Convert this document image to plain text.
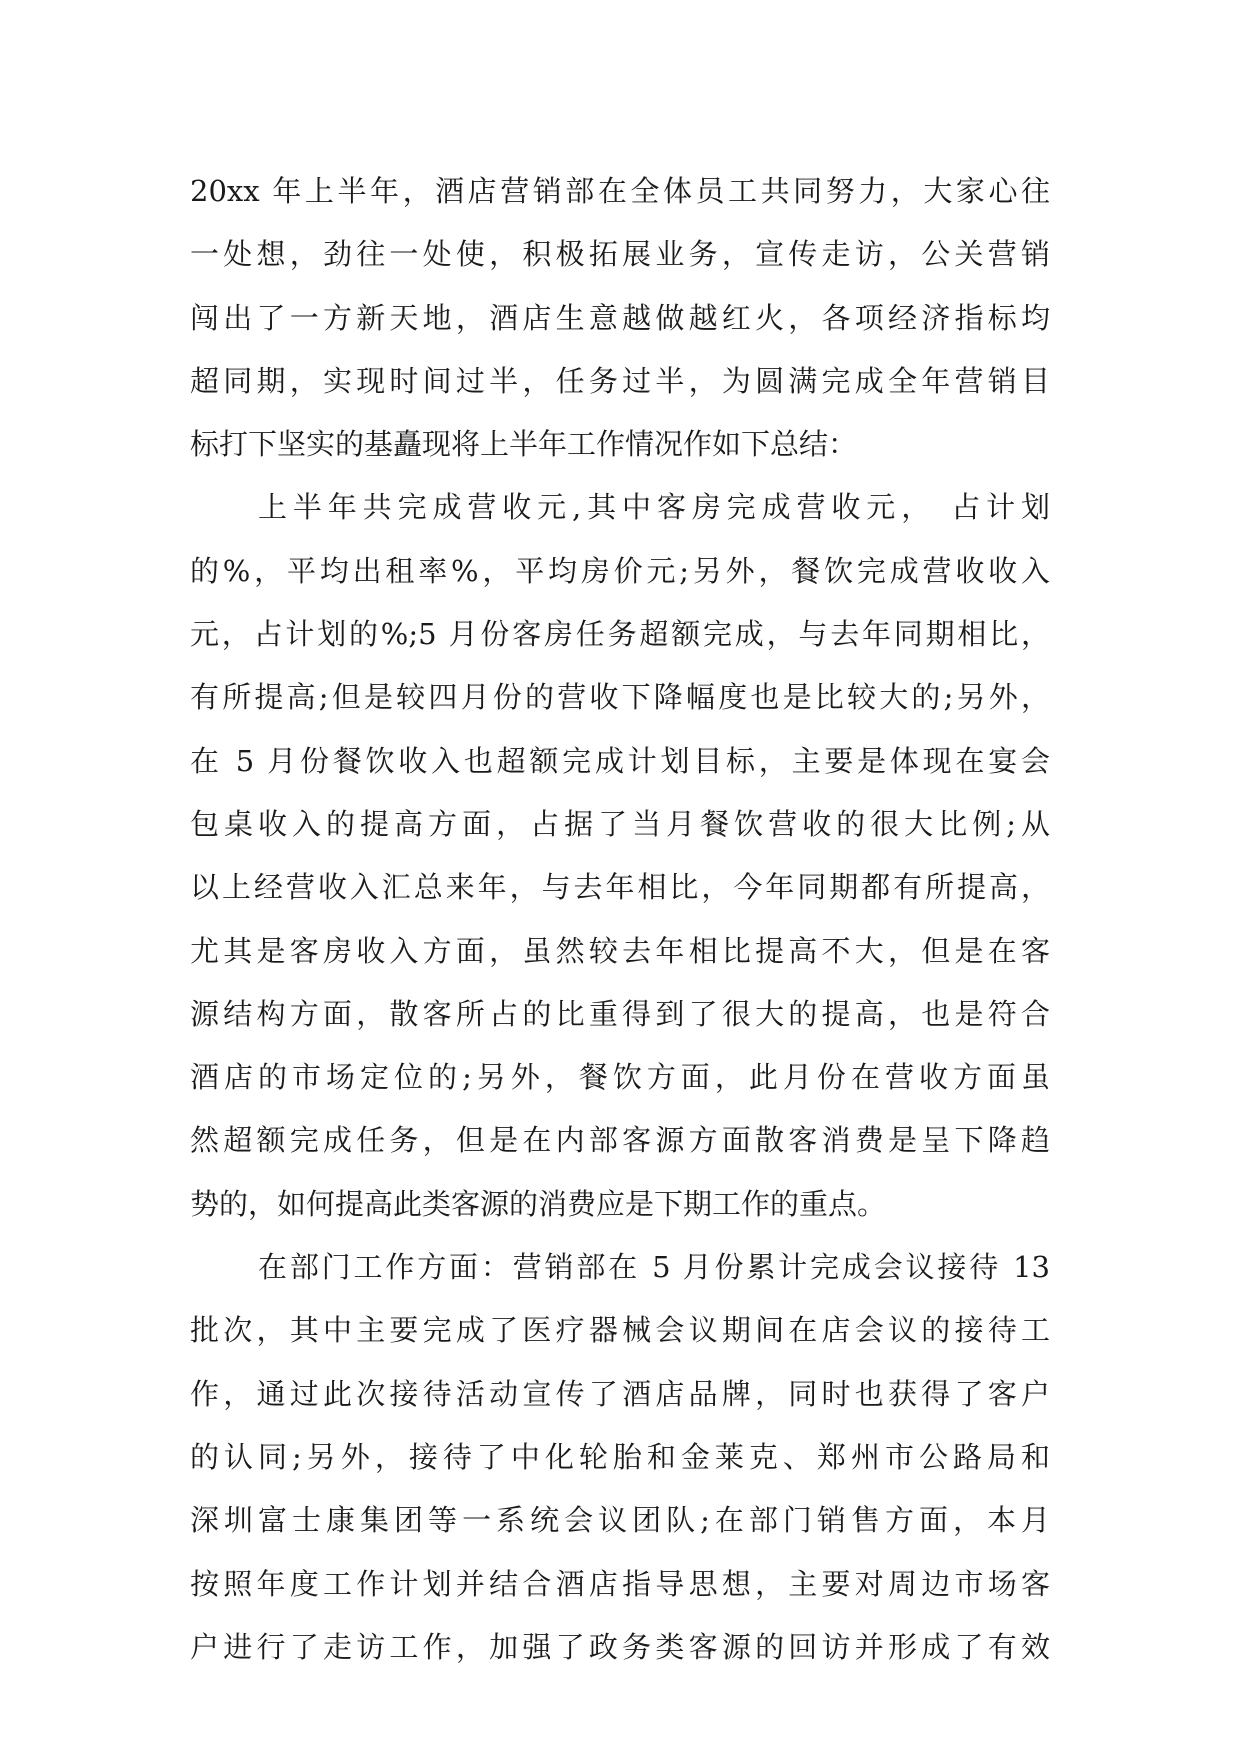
20xx 年上半年，酒店营销部在全体员工共同努力，大家心往
一处想，劲往一处使，积极拓展业务，宣传走访，公关营销
闯出了一方新天地，酒店生意越做越红火，各项经济指标均
超同期，实现时间过半，任务过半，为圆满完成全年营销目
标打下坚实的基矗现将上半年工作情况作如下总结：
上半年共完成营收元,其中客房完成营收元， 占计划
的%，平均出租率%，平均房价元;另外，餐饮完成营收收入
元，占计划的%;5 月份客房任务超额完成，与去年同期相比，
有所提高;但是较四月份的营收下降幅度也是比较大的;另外，
在 5 月份餐饮收入也超额完成计划目标，主要是体现在宴会
包桌收入的提高方面，占据了当月餐饮营收的很大比例;从
以上经营收入汇总来年，与去年相比，今年同期都有所提高，
尤其是客房收入方面，虽然较去年相比提高不大，但是在客
源结构方面，散客所占的比重得到了很大的提高，也是符合
酒店的市场定位的;另外，餐饮方面，此月份在营收方面虽
然超额完成任务，但是在内部客源方面散客消费是呈下降趋
势的，如何提高此类客源的消费应是下期工作的重点。
在部门工作方面：营销部在 5 月份累计完成会议接待 13
批次，其中主要完成了医疗器械会议期间在店会议的接待工
作，通过此次接待活动宣传了酒店品牌，同时也获得了客户
的认同;另外，接待了中化轮胎和金莱克、郑州市公路局和
深圳富士康集团等一系统会议团队;在部门销售方面，本月
按照年度工作计划并结合酒店指导思想，主要对周边市场客
户进行了走访工作，加强了政务类客源的回访并形成了有效
